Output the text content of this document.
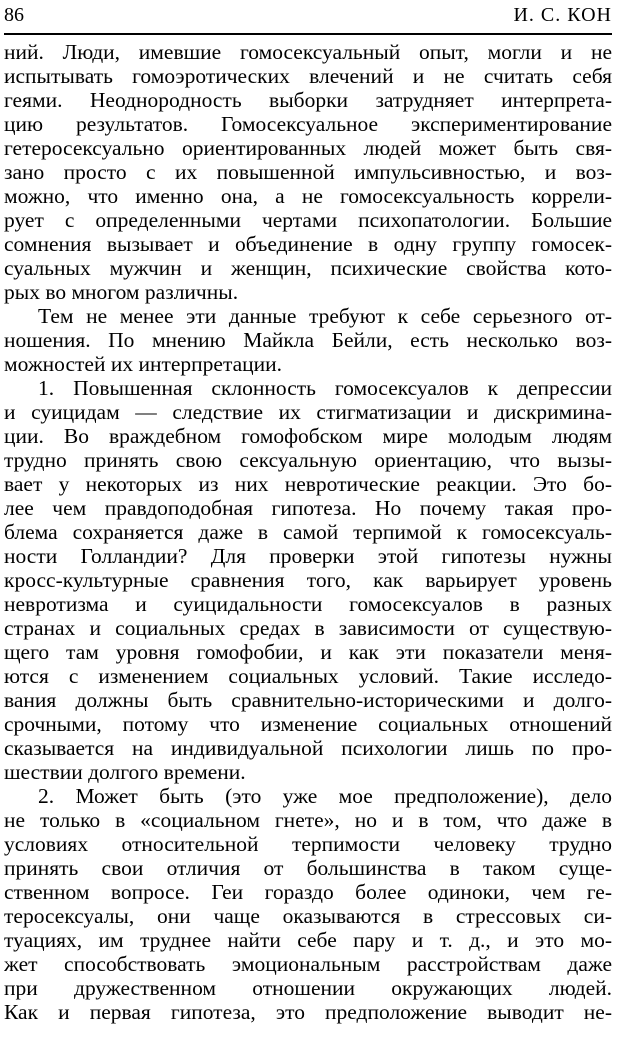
86	И. С. КОН
ний. Люди, имевшие гомосексуальный опыт, могли и не
испытывать гомоэротических влечений и не считать себя
геями. Неоднородность выборки затрудняет интерпрета-
цию результатов. Гомосексуальное экспериментирование
гетеросексуально ориентированных людей может быть свя-
зано просто с их повышенной импульсивностью, и воз-
можно, что именно она, а не гомосексуальность коррели-
рует с определенными чертами психопатологии. Большие
сомнения вызывает и объединение в одну группу гомосек-
суальных мужчин и женщин, психические свойства кото-
рых во многом различны.
Тем не менее эти данные требуют к себе серьезного от-
ношения. По мнению Майкла Бейли, есть несколько воз-
можностей их интерпретации.
1. Повышенная склонность гомосексуалов к депрессии
и суицидам — следствие их стигматизации и дискримина-
ции. Во враждебном гомофобском мире молодым людям
трудно принять свою сексуальную ориентацию, что вызы-
вает у некоторых из них невротические реакции. Это бо-
лее чем правдоподобная гипотеза. Но почему такая про-
блема сохраняется даже в самой терпимой к гомосексуаль-
ности Голландии? Для проверки этой гипотезы нужны
кросс-культурные сравнения того, как варьирует уровень
невротизма и суицидальности гомосексуалов в разных
странах и социальных средах в зависимости от существую-
щего там уровня гомофобии, и как эти показатели меня-
ются с изменением социальных условий. Такие исследо-
вания должны быть сравнительно-историческими и долго-
срочными, потому что изменение социальных отношений
сказывается на индивидуальной психологии лишь по про-
шествии долгого времени.
2. Может быть (это уже мое предположение), дело
не только в «социальном гнете», но и в том, что даже в
условиях относительной терпимости человеку трудно
принять свои отличия от большинства в таком суще-
ственном вопросе. Геи гораздо более одиноки, чем ге-
теросексуалы, они чаще оказываются в стрессовых си-
туациях, им труднее найти себе пару и т. д., и это мо-
жет способствовать эмоциональным расстройствам даже
при дружественном отношении окружающих людей.
Как и первая гипотеза, это предположение выводит не-
